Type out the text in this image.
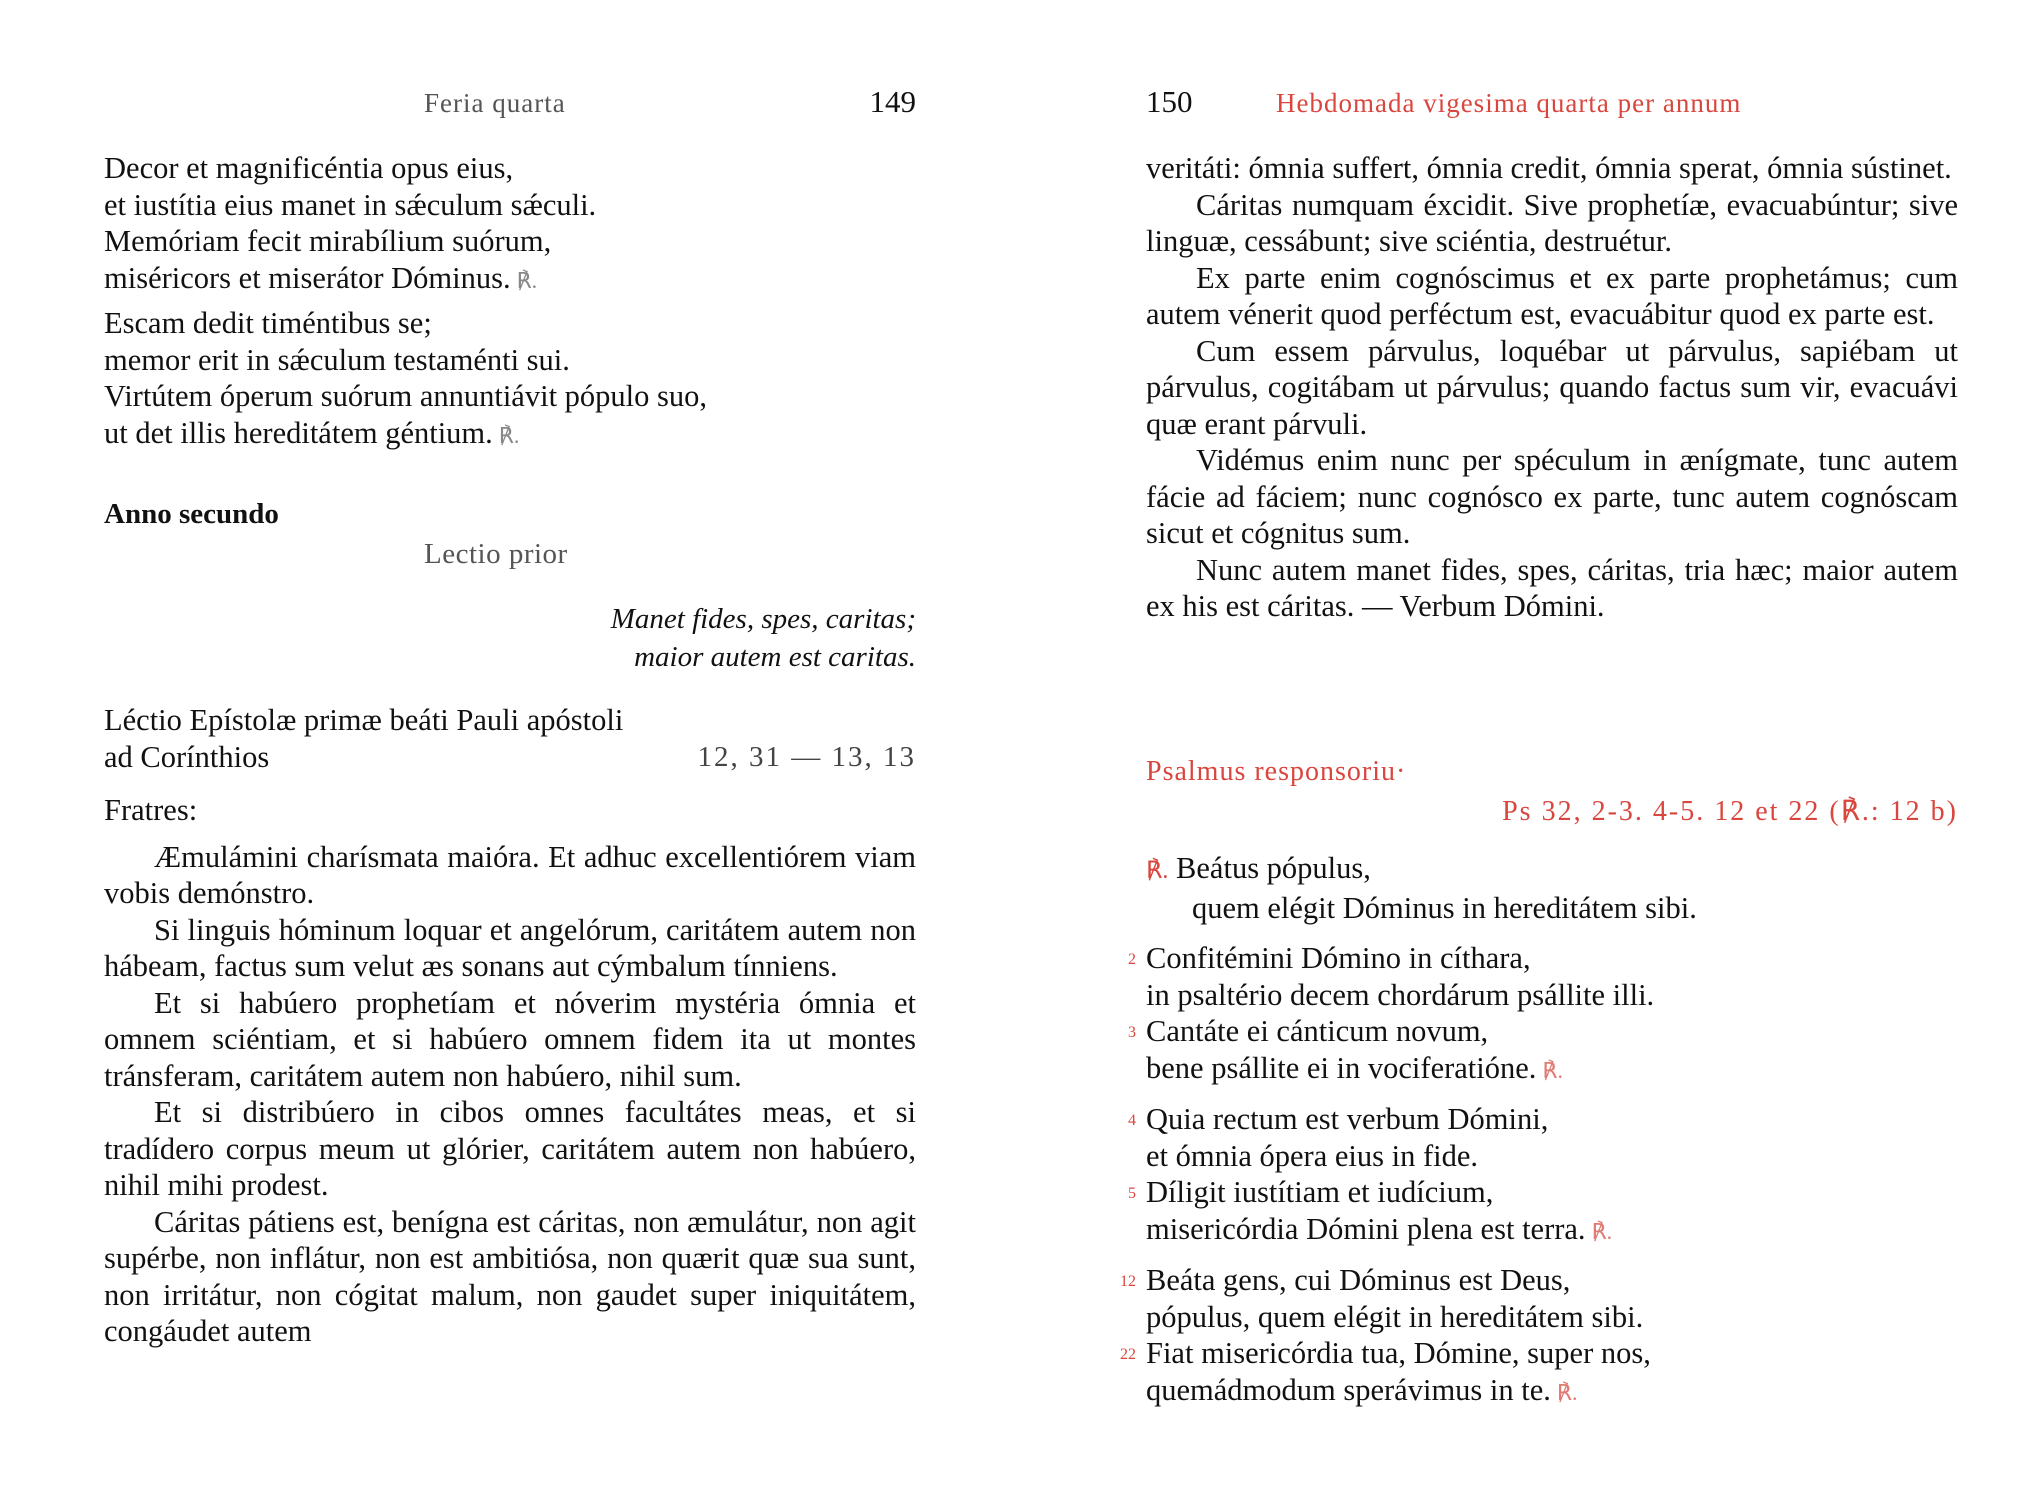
Feria quarta	149
Decor et magnificéntia opus eius,
et iustítia eius manet in sǽculum sǽculi.
Memóriam fecit mirabílium suórum,
miséricors et miserátor Dóminus. ℟.
Escam dedit timéntibus se;
memor erit in sǽculum testaménti sui.
Virtútem óperum suórum annuntiávit pópulo suo,
ut det illis hereditátem géntium. ℟.
Anno secundo
Lectio prior
Manet fides, spes, caritas;
maior autem est caritas.
Léctio Epístolæ primæ beáti Pauli apóstoli
ad Corínthios	12, 31 — 13, 13

Fratres:

Æmulámini charísmata maióra. Et adhuc excellentiórem viam vobis demónstro.

Si linguis hóminum loquar et angelórum, caritátem autem non hábeam, factus sum velut æs sonans aut cýmbalum tínniens.

Et si habúero prophetíam et nóverim mystéria ómnia et omnem sciéntiam, et si habúero omnem fidem ita ut montes tránsferam, caritátem autem non habúero, nihil sum.

Et si distribúero in cibos omnes facultátes meas, et si tradídero corpus meum ut glórier, caritátem autem non habúero, nihil mihi prodest.

Cáritas pátiens est, benígna est cáritas, non æmulátur, non agit supérbe, non inflátur, non est ambitiósa, non quærit quæ sua sunt, non irritátur, non cógitat malum, non gaudet super iniquitátem, congáudet autem

150	Hebdomada vigesima quarta per annum

veritáti: ómnia suffert, ómnia credit, ómnia sperat, ómnia sústinet.

Cáritas numquam éxcidit. Sive prophetíæ, evacuabúntur; sive linguæ, cessábunt; sive sciéntia, destruétur.

Ex parte enim cognóscimus et ex parte prophetámus; cum autem vénerit quod perféctum est, evacuábitur quod ex parte est.

Cum essem párvulus, loquébar ut párvulus, sapiébam ut párvulus, cogitábam ut párvulus; quando factus sum vir, evacuávi quæ erant párvuli.

Vidémus enim nunc per spéculum in ænígmate, tunc autem fácie ad fáciem; nunc cognósco ex parte, tunc autem cognóscam sicut et cógnitus sum.

Nunc autem manet fides, spes, cáritas, tria hæc; maior autem ex his est cáritas. — Verbum Dómini.

Psalmus responsoriu·
Ps 32, 2-3. 4-5. 12 et 22 (℟.: 12 b)
℟. Beátus pópulus,
quem elégit Dóminus in hereditátem sibi.
2 Confitémini Dómino in cíthara,
in psaltério decem chordárum psállite illi.
3 Cantáte ei cánticum novum,
bene psállite ei in vociferatióne. ℟.
4 Quia rectum est verbum Dómini,
et ómnia ópera eius in fide.
5 Díligit iustítiam et iudícium,
misericórdia Dómini plena est terra. ℟.
12 Beáta gens, cui Dóminus est Deus,
pópulus, quem elégit in hereditátem sibi.
22 Fiat misericórdia tua, Dómine, super nos,
quemádmodum sperávimus in te. ℟.
